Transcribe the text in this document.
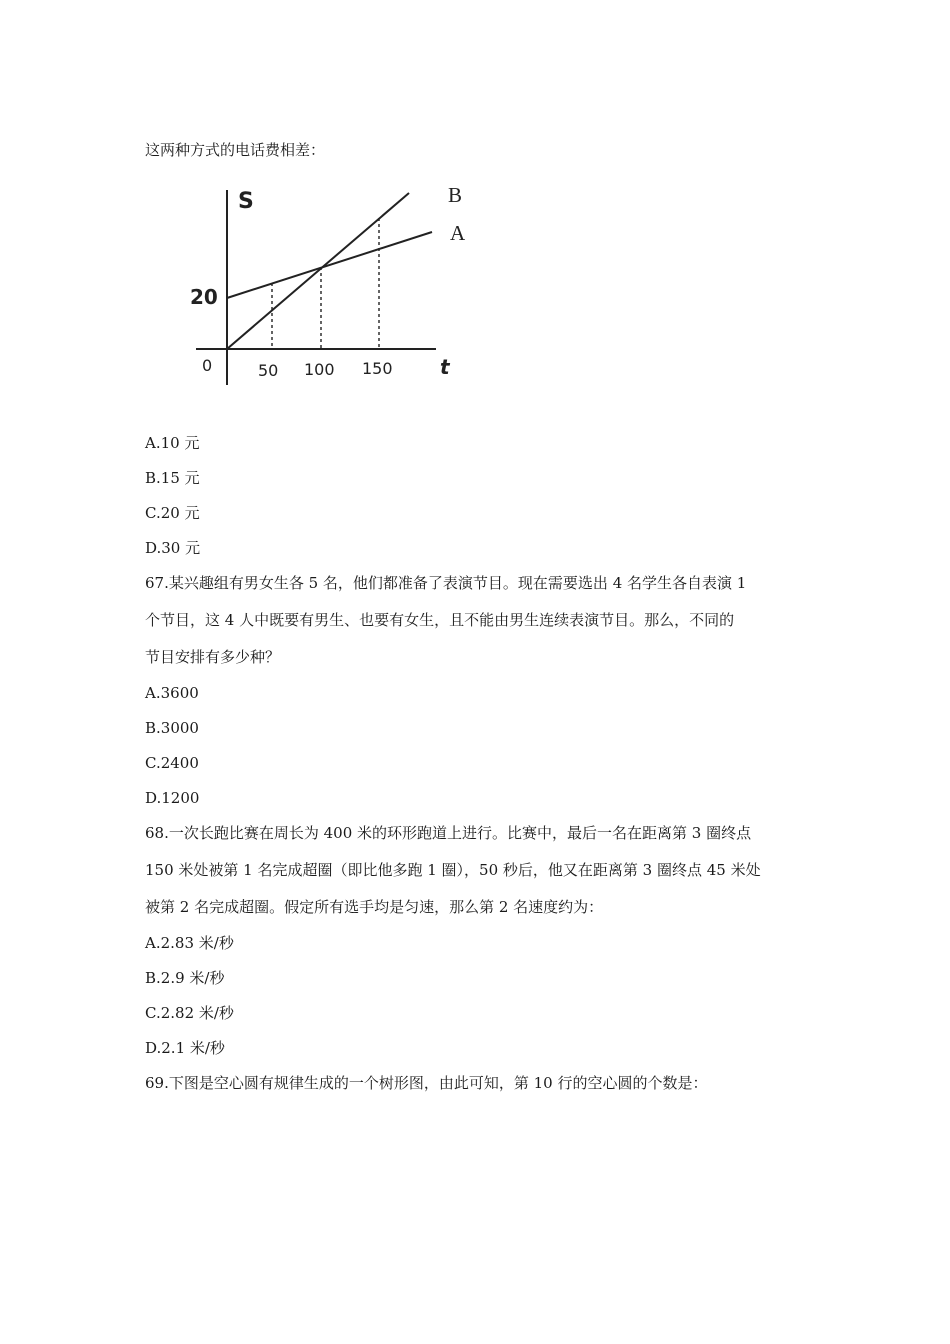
这两种方式的电话费相差：
S	B
A
20
0	50 100 150 t
A.10 元
B.15 元
C.20 元
D.30 元
67.某兴趣组有男女生各 5 名，他们都准备了表演节目。现在需要选出 4 名学生各自表演 1
个节目，这 4 人中既要有男生、也要有女生，且不能由男生连续表演节目。那么，不同的
节目安排有多少种？
A.3600
B.3000
C.2400
D.1200
68.一次长跑比赛在周长为 400 米的环形跑道上进行。比赛中，最后一名在距离第 3 圈终点
150 米处被第 1 名完成超圈（即比他多跑 1 圈），50 秒后，他又在距离第 3 圈终点 45 米处
被第 2 名完成超圈。假定所有选手均是匀速，那么第 2 名速度约为：
A.2.83 米/秒
B.2.9 米/秒
C.2.82 米/秒
D.2.1 米/秒
69.下图是空心圆有规律生成的一个树形图，由此可知，第 10 行的空心圆的个数是：
